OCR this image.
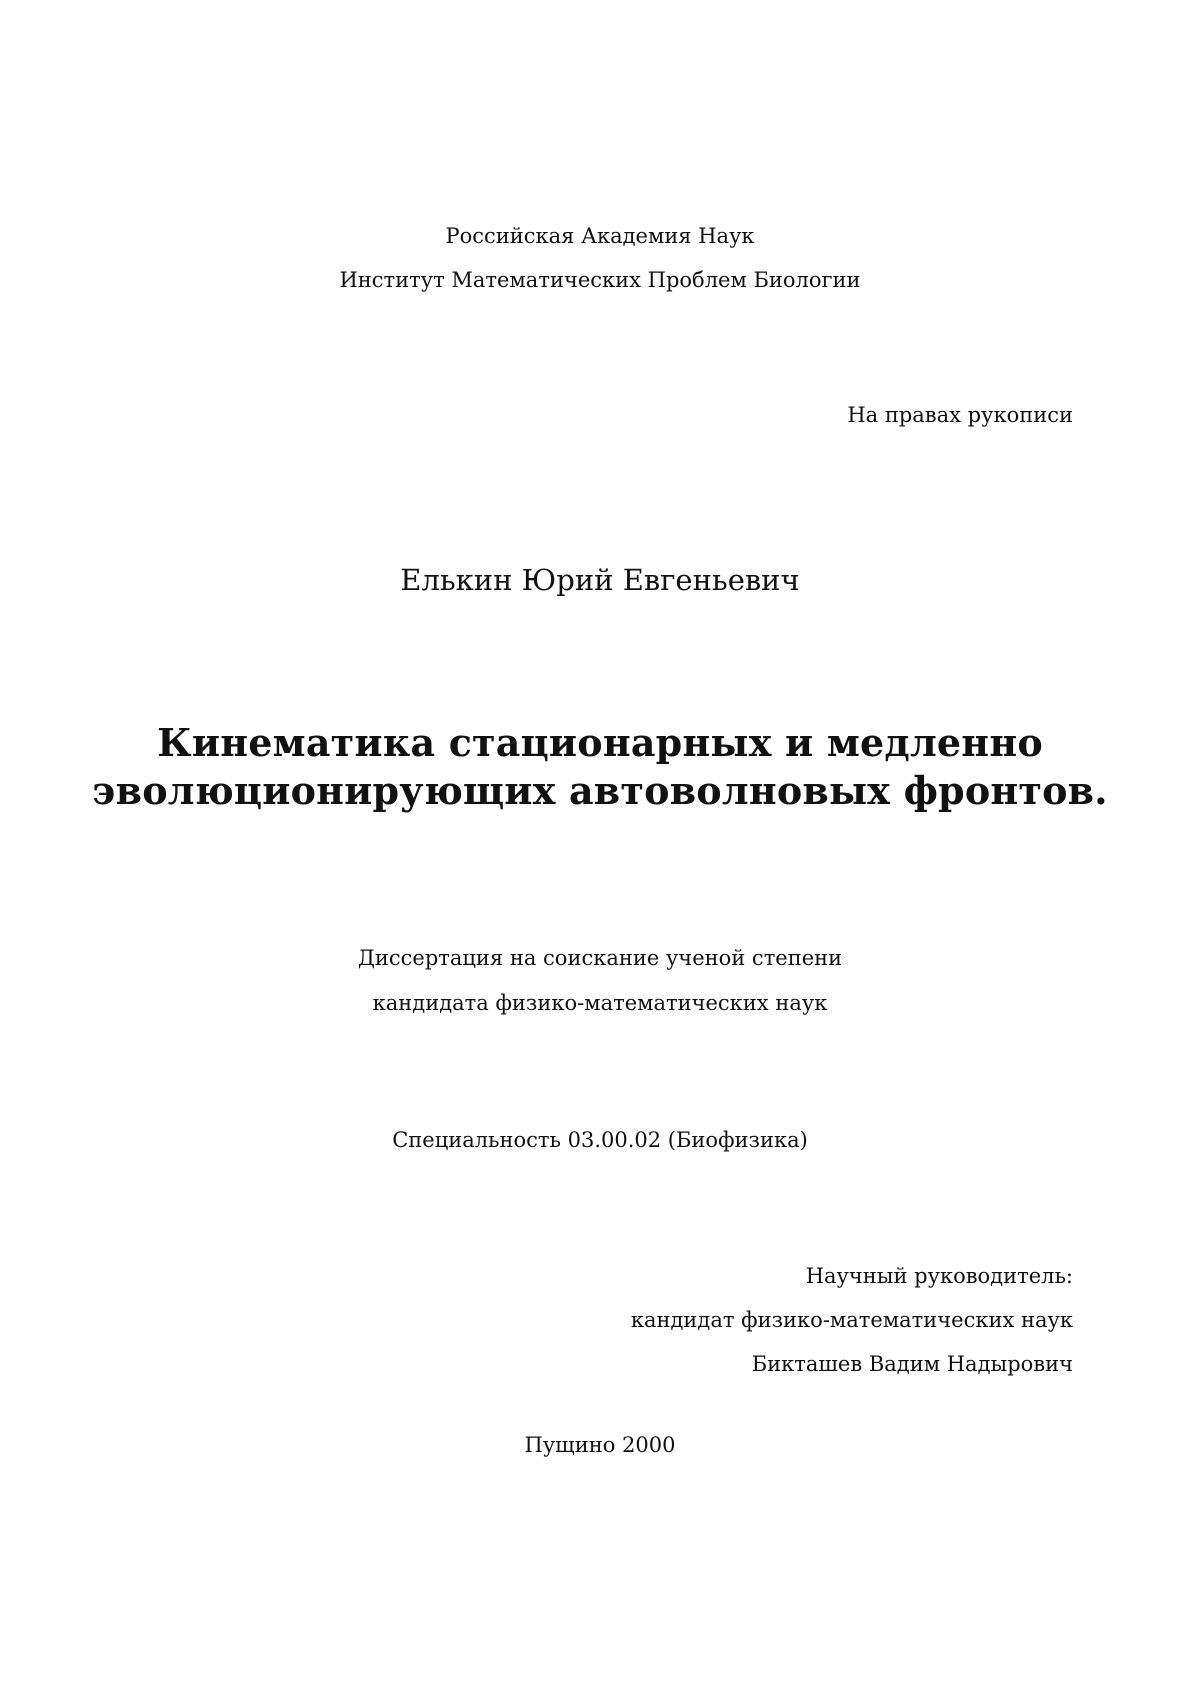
Российская Академия Наук
Институт Математических Проблем Биологии
На правах рукописи
Елькин Юрий Евгеньевич
Кинематика стационарных и медленно
эволюционирующих автоволновых фронтов.
Диссертация на соискание ученой степени
кандидата физико-математических наук
Специальность 03.00.02 (Биофизика)
Научный руководитель:
кандидат физико-математических наук
Бикташев Вадим Надырович
Пущино 2000
